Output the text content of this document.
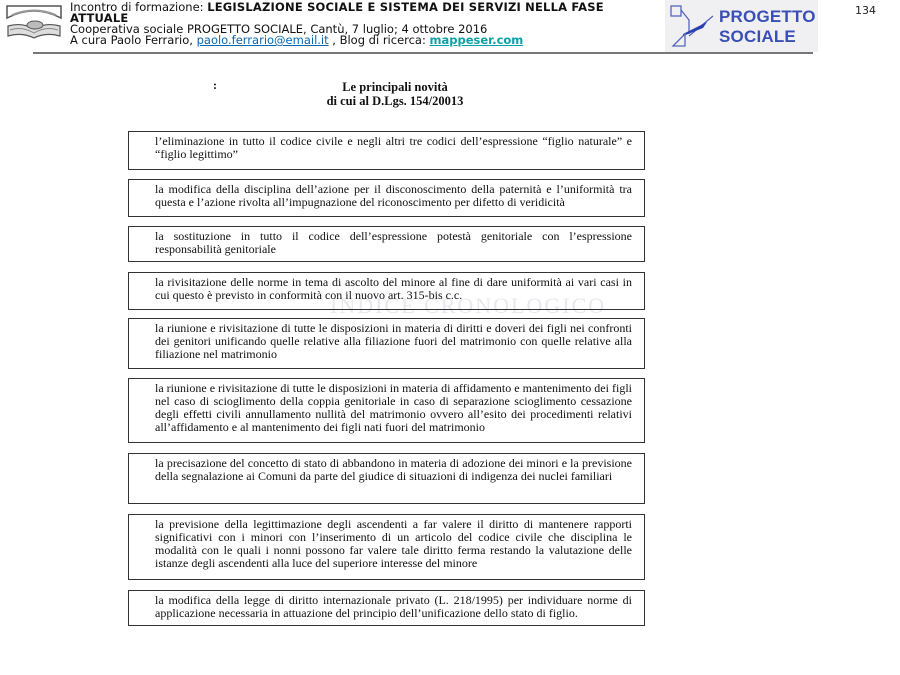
Incontro di formazione: LEGISLAZIONE SOCIALE E SISTEMA DEI SERVIZI NELLA FASE
ATTUALE
Cooperativa sociale PROGETTO SOCIALE, Cantù, 7 luglio; 4 ottobre 2016
A cura Paolo Ferrario, paolo.ferrario@email.it , Blog di ricerca: mappeser.com
PROGETTO
SOCIALE
134
:	Le principali novità
di cui al D.Lgs. 154/20013
INDICE CRONOLOGICO
l’eliminazione in tutto il codice civile e negli altri tre codici dell’espressione “figlio naturale” e “figlio legittimo”
la modifica della disciplina dell’azione per il disconoscimento della paternità e l’uniformità tra questa e l’azione rivolta all’impugnazione del riconoscimento per difetto di veridicità
la sostituzione in tutto il codice dell’espressione potestà genitoriale con l’espressione responsabilità genitoriale
la rivisitazione delle norme in tema di ascolto del minore al fine di dare uniformità ai vari casi in cui questo è previsto in conformità con il nuovo art. 315-bis c.c.
la riunione e rivisitazione di tutte le disposizioni in materia di diritti e doveri dei figli nei confronti dei genitori unificando quelle relative alla filiazione fuori del matrimonio con quelle relative alla filiazione nel matrimonio
la riunione e rivisitazione di tutte le disposizioni in materia di affidamento e mantenimento dei figli nel caso di scioglimento della coppia genitoriale in caso di separazione scioglimento cessazione degli effetti civili annullamento nullità del matrimonio ovvero all’esito dei procedimenti relativi all’affidamento e al mantenimento dei figli nati fuori del matrimonio
la precisazione del concetto di stato di abbandono in materia di adozione dei minori e la previsione della segnalazione ai Comuni da parte del giudice di situazioni di indigenza dei nuclei familiari
la previsione della legittimazione degli ascendenti a far valere il diritto di mantenere rapporti significativi con i minori con l’inserimento di un articolo del codice civile che disciplina le modalità con le quali i nonni possono far valere tale diritto ferma restando la valutazione delle istanze degli ascendenti alla luce del superiore interesse del minore
la modifica della legge di diritto internazionale privato (L. 218/1995) per individuare norme di applicazione necessaria in attuazione del principio dell’unificazione dello stato di figlio.
